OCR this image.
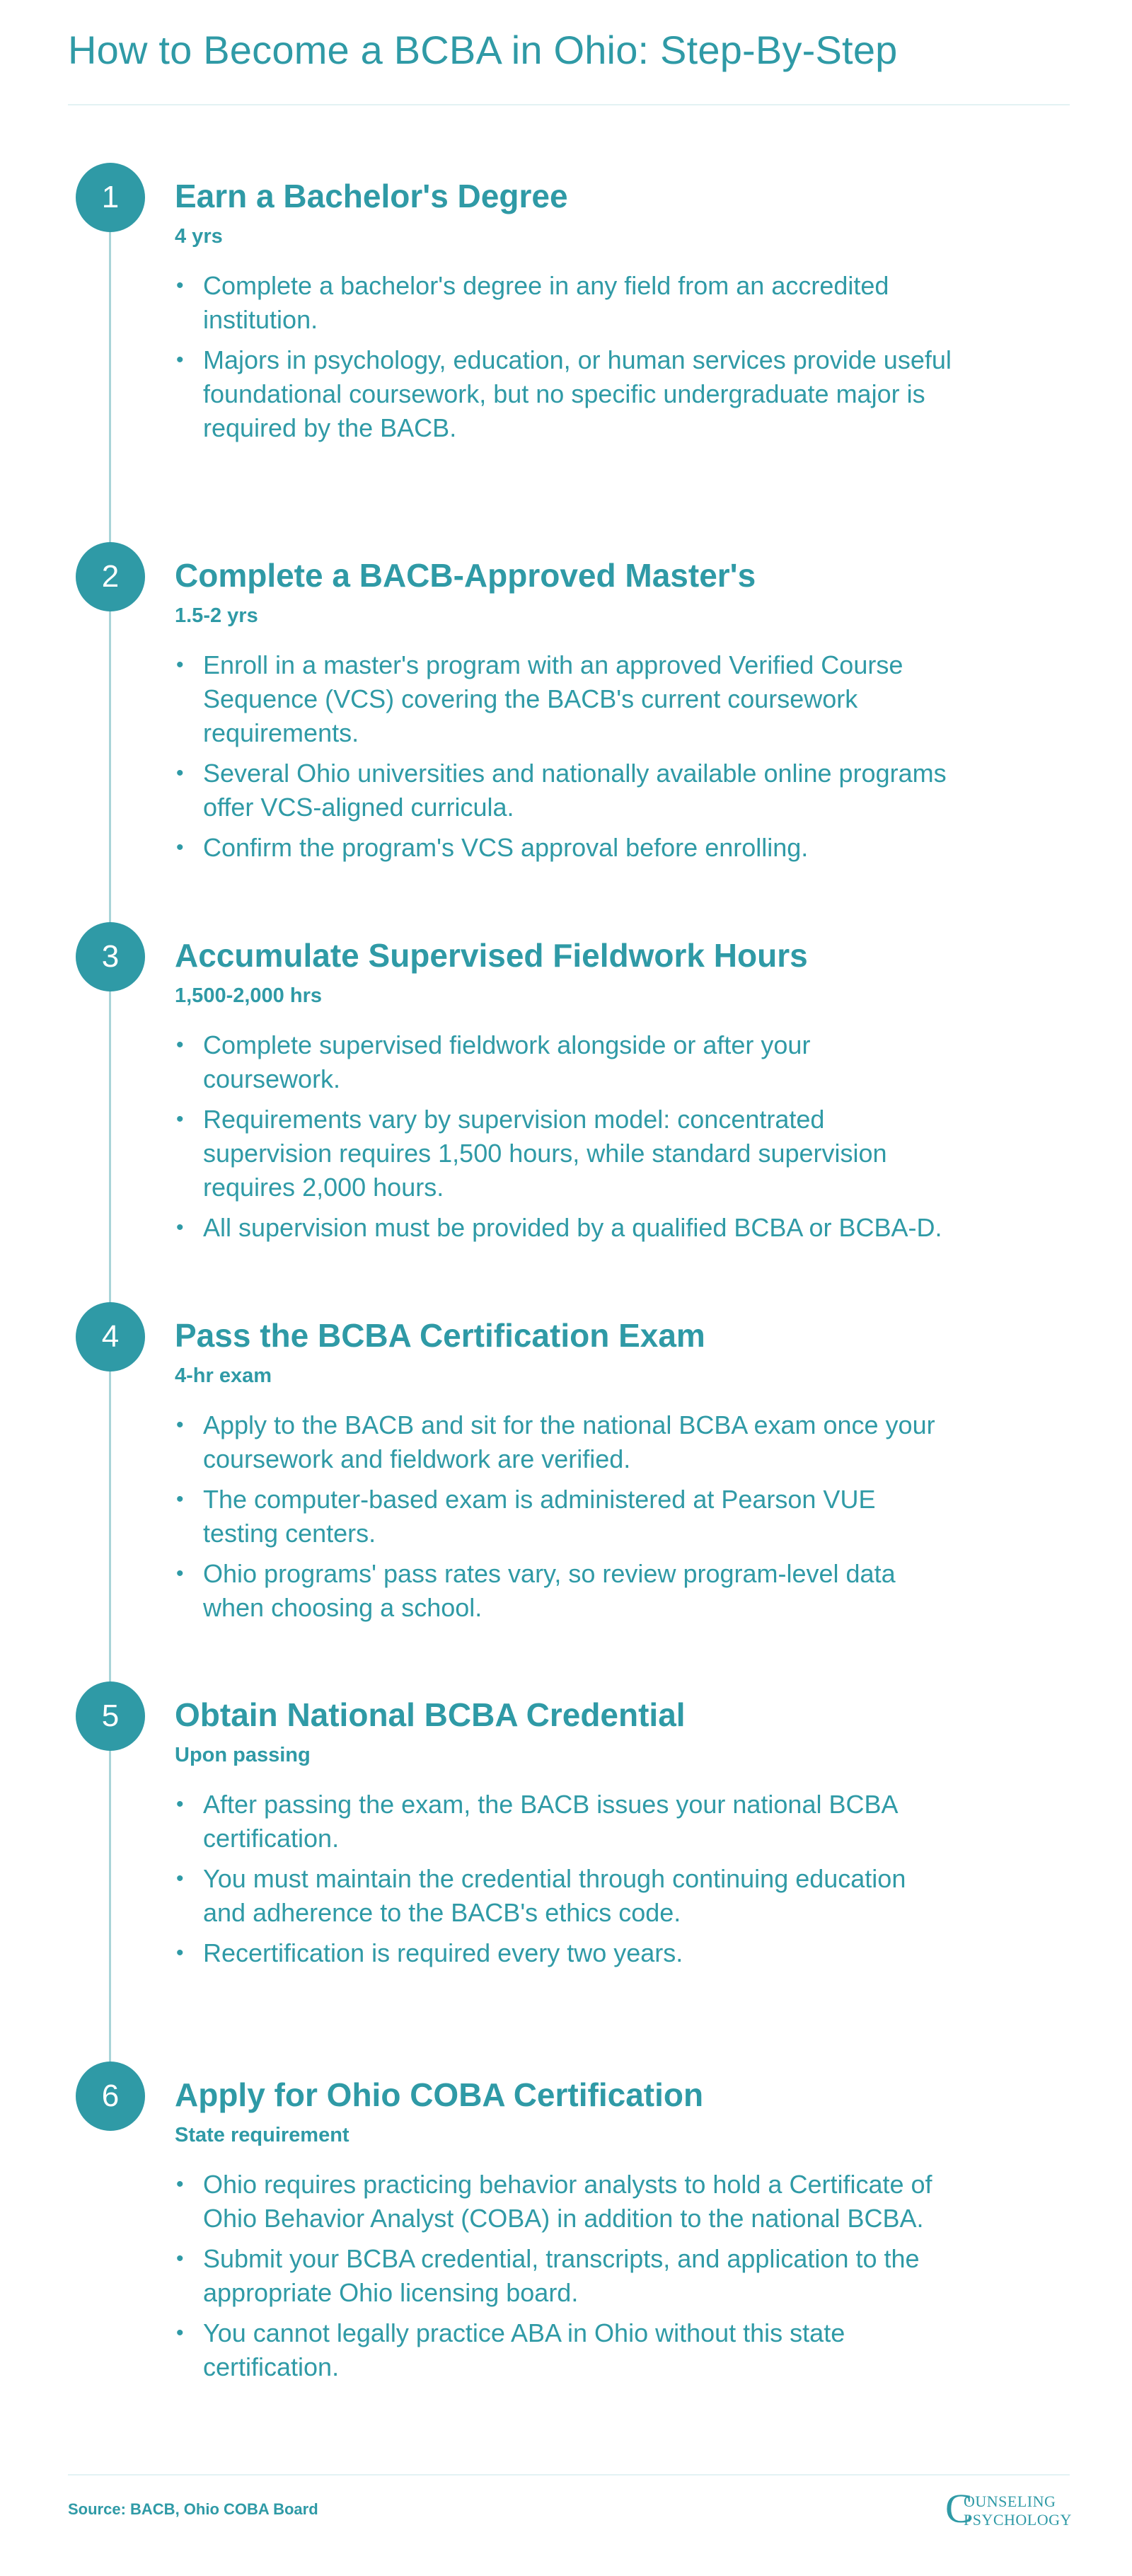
How to Become a BCBA in Ohio: Step-By-Step
1	Earn a Bachelor's Degree
4 yrs
• Complete a bachelor's degree in any field from an accredited institution.
• Majors in psychology, education, or human services provide useful foundational coursework, but no specific undergraduate major is required by the BACB.
2	Complete a BACB-Approved Master's
1.5-2 yrs
• Enroll in a master's program with an approved Verified Course Sequence (VCS) covering the BACB's current coursework requirements.
• Several Ohio universities and nationally available online programs offer VCS-aligned curricula.
• Confirm the program's VCS approval before enrolling.
3	Accumulate Supervised Fieldwork Hours
1,500-2,000 hrs
• Complete supervised fieldwork alongside or after your coursework.
• Requirements vary by supervision model: concentrated supervision requires 1,500 hours, while standard supervision requires 2,000 hours.
• All supervision must be provided by a qualified BCBA or BCBA-D.
4	Pass the BCBA Certification Exam
4-hr exam
• Apply to the BACB and sit for the national BCBA exam once your coursework and fieldwork are verified.
• The computer-based exam is administered at Pearson VUE testing centers.
• Ohio programs' pass rates vary, so review program-level data when choosing a school.
5	Obtain National BCBA Credential
Upon passing
• After passing the exam, the BACB issues your national BCBA certification.
• You must maintain the credential through continuing education and adherence to the BACB's ethics code.
• Recertification is required every two years.
6	Apply for Ohio COBA Certification
State requirement
• Ohio requires practicing behavior analysts to hold a Certificate of Ohio Behavior Analyst (COBA) in addition to the national BCBA.
• Submit your BCBA credential, transcripts, and application to the appropriate Ohio licensing board.
• You cannot legally practice ABA in Ohio without this state certification.
Source: BACB, Ohio COBA Board	C
OUNSELING
PSYCHOLOGY
